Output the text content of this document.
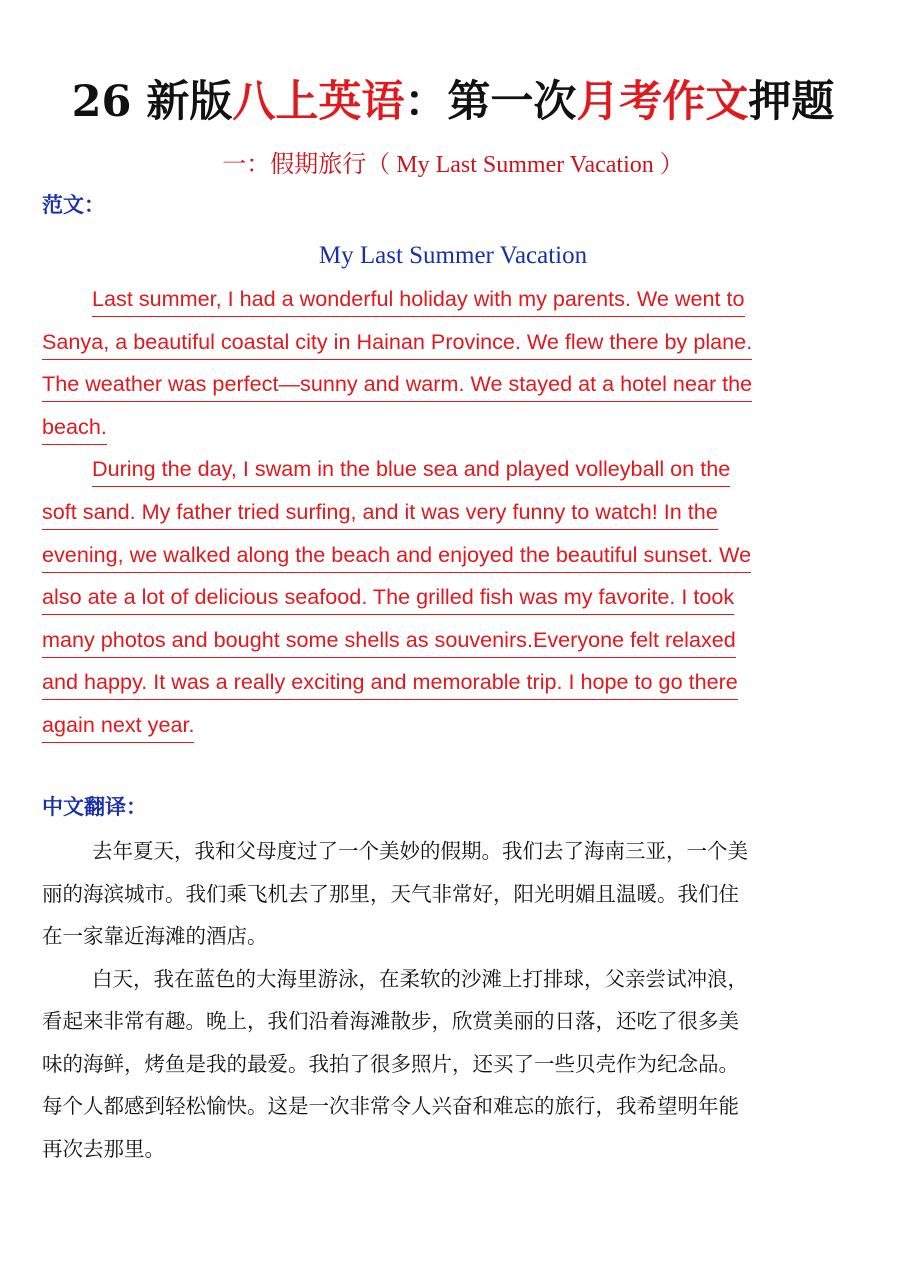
26 新版八上英语：第一次月考作文押题
一：假期旅行（ My Last Summer Vacation ）
范文：
My Last Summer Vacation
Last summer, I had a wonderful holiday with my parents. We went to
Sanya, a beautiful coastal city in Hainan Province. We flew there by plane.
The weather was perfect—sunny and warm. We stayed at a hotel near the
beach.
During the day, I swam in the blue sea and played volleyball on the
soft sand. My father tried surfing, and it was very funny to watch! In the
evening, we walked along the beach and enjoyed the beautiful sunset. We
also ate a lot of delicious seafood. The grilled fish was my favorite. I took
many photos and bought some shells as souvenirs.Everyone felt relaxed
and happy. It was a really exciting and memorable trip. I hope to go there
again next year.
中文翻译：
去年夏天，我和父母度过了一个美妙的假期。我们去了海南三亚，一个美
丽的海滨城市。我们乘飞机去了那里，天气非常好，阳光明媚且温暖。我们住
在一家靠近海滩的酒店。
白天，我在蓝色的大海里游泳，在柔软的沙滩上打排球，父亲尝试冲浪，
看起来非常有趣。晚上，我们沿着海滩散步，欣赏美丽的日落，还吃了很多美
味的海鲜，烤鱼是我的最爱。我拍了很多照片，还买了一些贝壳作为纪念品。
每个人都感到轻松愉快。这是一次非常令人兴奋和难忘的旅行，我希望明年能
再次去那里。
